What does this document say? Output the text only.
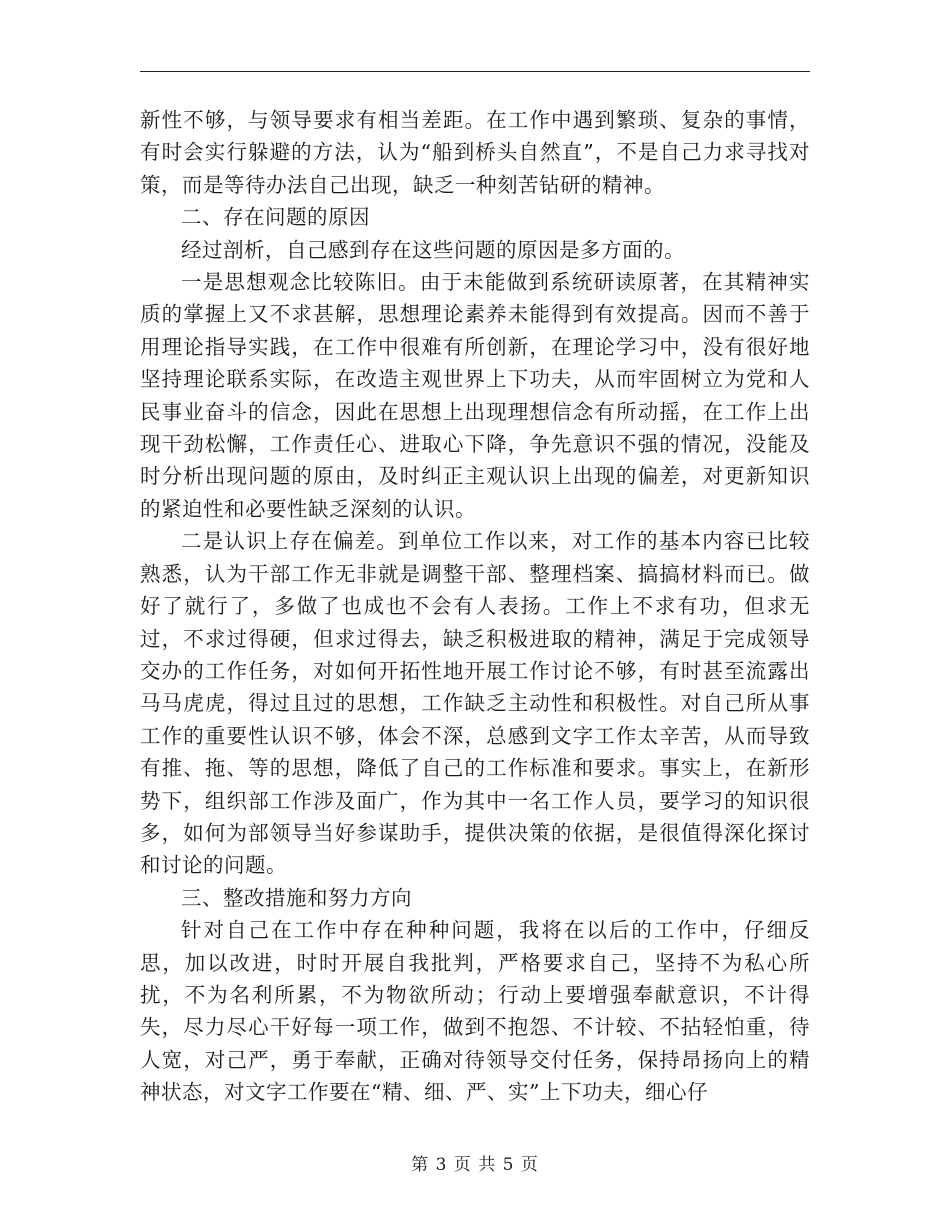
新性不够，与领导要求有相当差距。在工作中遇到繁琐、复杂的事情，有时会实行躲避的方法，认为“船到桥头自然直”，不是自己力求寻找对策，而是等待办法自己出现，缺乏一种刻苦钻研的精神。

二、存在问题的原因

经过剖析，自己感到存在这些问题的原因是多方面的。

一是思想观念比较陈旧。由于未能做到系统研读原著，在其精神实质的掌握上又不求甚解，思想理论素养未能得到有效提高。因而不善于用理论指导实践，在工作中很难有所创新，在理论学习中，没有很好地坚持理论联系实际，在改造主观世界上下功夫，从而牢固树立为党和人民事业奋斗的信念，因此在思想上出现理想信念有所动摇，在工作上出现干劲松懈，工作责任心、进取心下降，争先意识不强的情况，没能及时分析出现问题的原由，及时纠正主观认识上出现的偏差，对更新知识的紧迫性和必要性缺乏深刻的认识。

二是认识上存在偏差。到单位工作以来，对工作的基本内容已比较熟悉，认为干部工作无非就是调整干部、整理档案、搞搞材料而已。做好了就行了，多做了也成也不会有人表扬。工作上不求有功，但求无过，不求过得硬，但求过得去，缺乏积极进取的精神，满足于完成领导交办的工作任务，对如何开拓性地开展工作讨论不够，有时甚至流露出马马虎虎，得过且过的思想，工作缺乏主动性和积极性。对自己所从事工作的重要性认识不够，体会不深，总感到文字工作太辛苦，从而导致有推、拖、等的思想，降低了自己的工作标准和要求。事实上，在新形势下，组织部工作涉及面广，作为其中一名工作人员，要学习的知识很多，如何为部领导当好参谋助手，提供决策的依据，是很值得深化探讨和讨论的问题。

三、整改措施和努力方向

针对自己在工作中存在种种问题，我将在以后的工作中，仔细反思，加以改进，时时开展自我批判，严格要求自己，坚持不为私心所扰，不为名利所累，不为物欲所动；行动上要增强奉献意识，不计得失，尽力尽心干好每一项工作，做到不抱怨、不计较、不拈轻怕重，待人宽，对己严，勇于奉献，正确对待领导交付任务，保持昂扬向上的精神状态，对文字工作要在“精、细、严、实”上下功夫，细心仔

第 3 页 共 5 页
